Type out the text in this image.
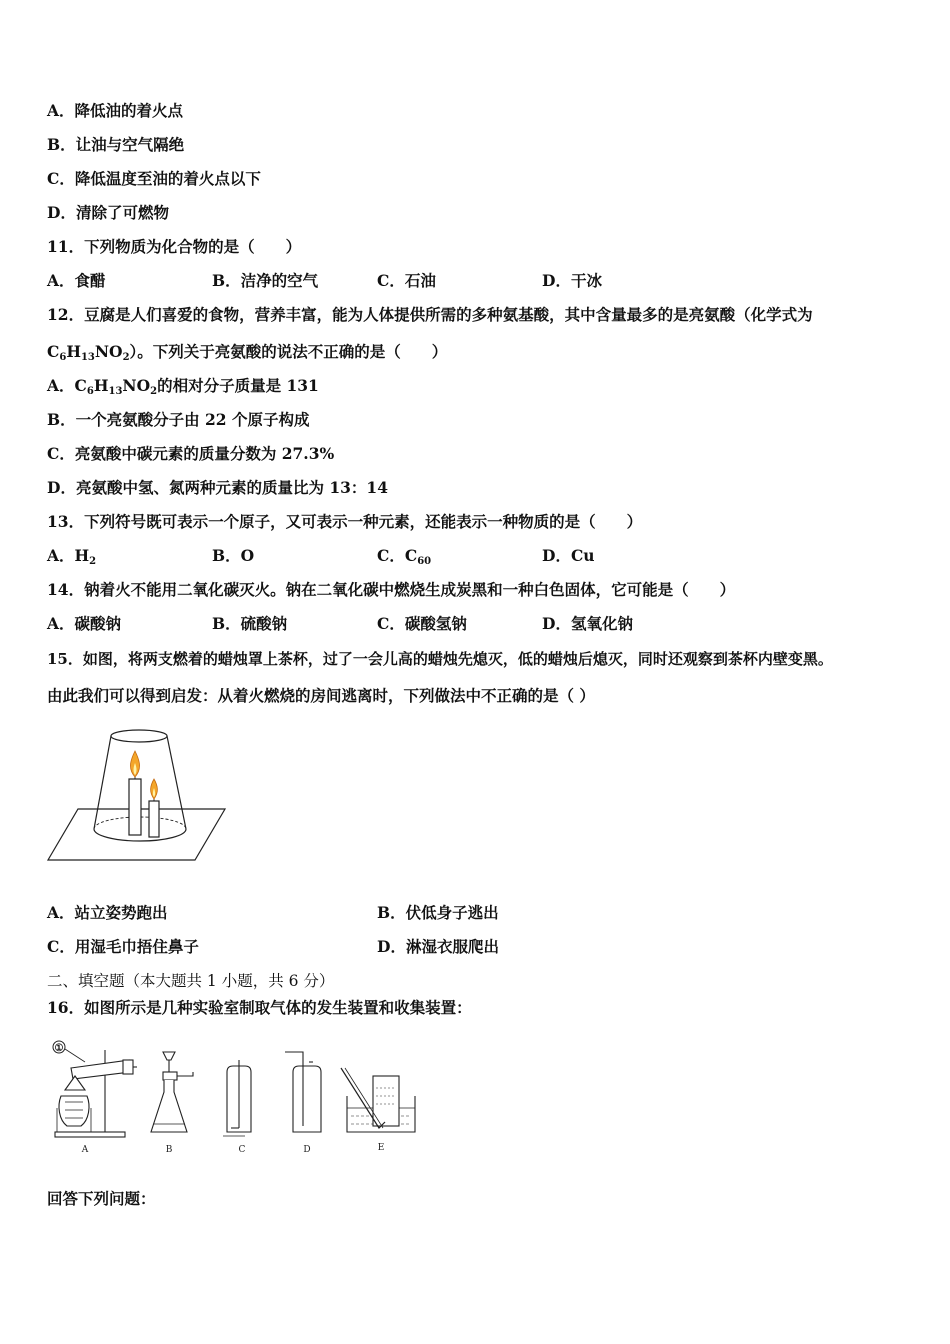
A．降低油的着火点
B．让油与空气隔绝
C．降低温度至油的着火点以下
D．清除了可燃物
11．下列物质为化合物的是（　　）
A．食醋	B．洁净的空气	C．石油	D．干冰
12．豆腐是人们喜爱的食物，营养丰富，能为人体提供所需的多种氨基酸，其中含量最多的是亮氨酸（化学式为
$C_6H_{13}NO_2$）。下列关于亮氨酸的说法不正确的是（　　）
A．$C_6H_{13}NO_2$的相对分子质量是 131
B．一个亮氨酸分子由 22 个原子构成
C．亮氨酸中碳元素的质量分数为 27.3%
D．亮氨酸中氢、氮两种元素的质量比为 13：14
13．下列符号既可表示一个原子，又可表示一种元素，还能表示一种物质的是（　　）
A．$H_2$	B．O	C．$C_{60}$	D．Cu
14．钠着火不能用二氧化碳灭火。钠在二氧化碳中燃烧生成炭黑和一种白色固体，它可能是（　　）
A．碳酸钠	B．硫酸钠	C．碳酸氢钠	D．氢氧化钠
15．如图，将两支燃着的蜡烛罩上茶杯，过了一会儿高的蜡烛先熄灭，低的蜡烛后熄灭，同时还观察到茶杯内壁变黑。
由此我们可以得到启发：从着火燃烧的房间逃离时，下列做法中不正确的是（ ）
A．站立姿势跑出	B．伏低身子逃出
C．用湿毛巾捂住鼻子	D．淋湿衣服爬出
二、填空题（本大题共 1 小题，共 6 分）
16．如图所示是几种实验室制取气体的发生装置和收集装置：
①
A	B	C	D	E
回答下列问题：
